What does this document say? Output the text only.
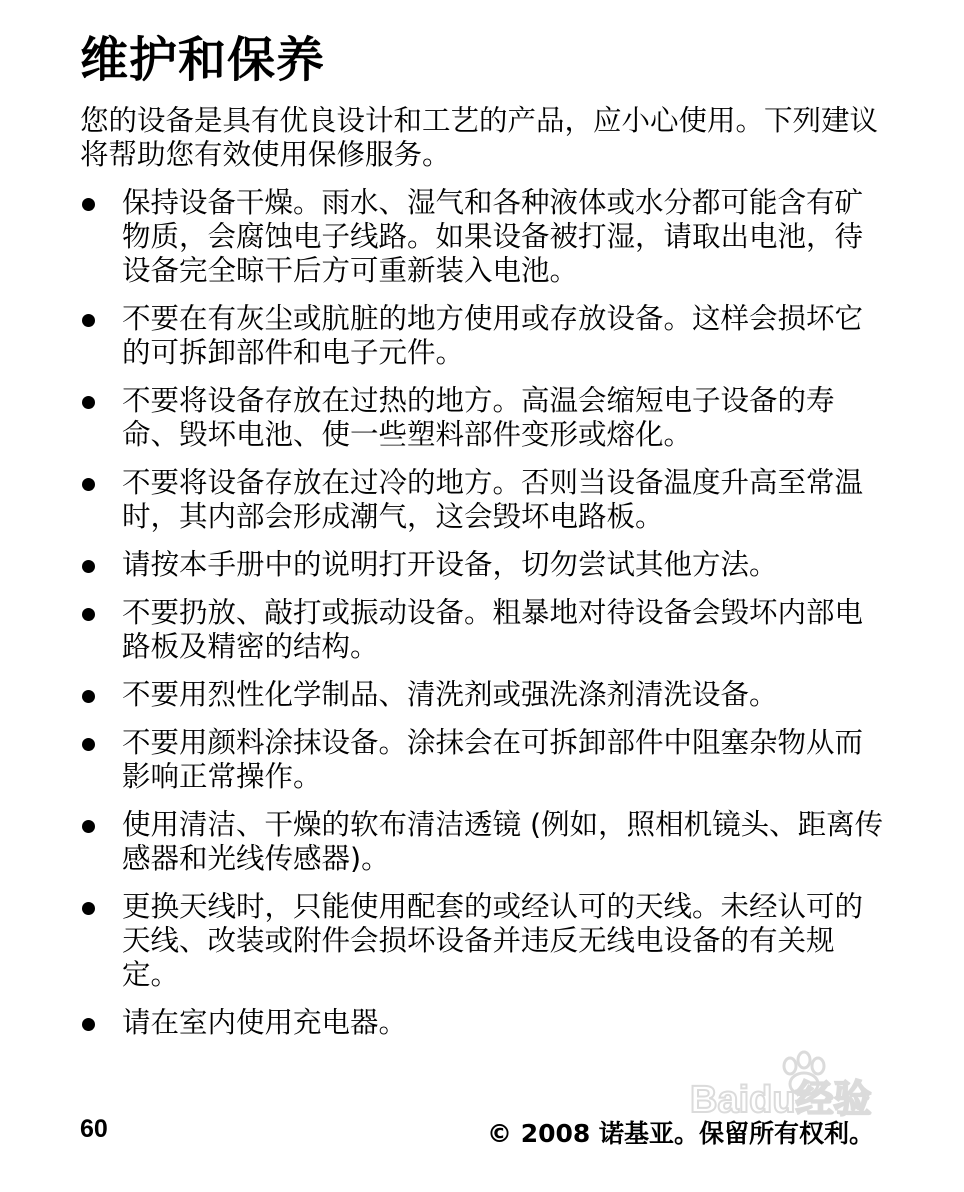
维护和保养

您的设备是具有优良设计和工艺的产品，应小心使用。下列建议将帮助您有效使用保修服务。

保持设备干燥。雨水、湿气和各种液体或水分都可能含有矿物质，会腐蚀电子线路。如果设备被打湿，请取出电池，待设备完全晾干后方可重新装入电池。
不要在有灰尘或肮脏的地方使用或存放设备。这样会损坏它的可拆卸部件和电子元件。
不要将设备存放在过热的地方。高温会缩短电子设备的寿命、毁坏电池、使一些塑料部件变形或熔化。
不要将设备存放在过冷的地方。否则当设备温度升高至常温时，其内部会形成潮气，这会毁坏电路板。
请按本手册中的说明打开设备，切勿尝试其他方法。
不要扔放、敲打或振动设备。粗暴地对待设备会毁坏内部电路板及精密的结构。
不要用烈性化学制品、清洗剂或强洗涤剂清洗设备。
不要用颜料涂抹设备。涂抹会在可拆卸部件中阻塞杂物从而影响正常操作。
使用清洁、干燥的软布清洁透镜 (例如，照相机镜头、距离传感器和光线传感器)。
更换天线时，只能使用配套的或经认可的天线。未经认可的天线、改装或附件会损坏设备并违反无线电设备的有关规定。
请在室内使用充电器。
60	© 2008 诺基亚。保留所有权利。
Baidu经验
